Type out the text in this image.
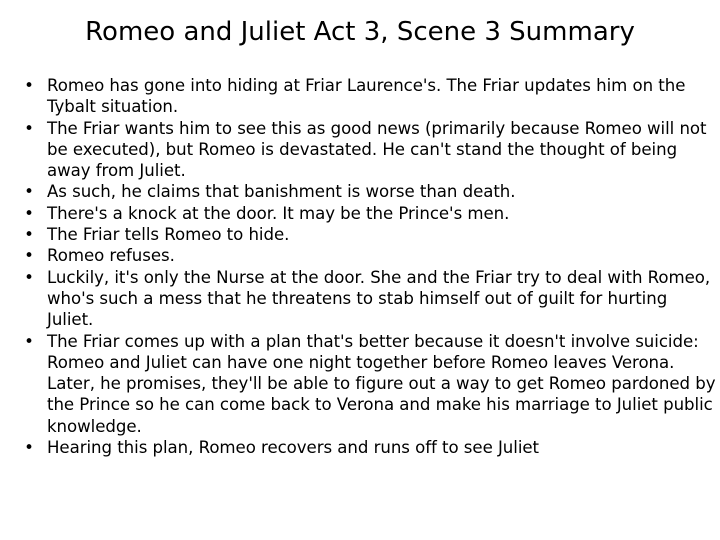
Romeo and Juliet Act 3, Scene 3 Summary
• Romeo has gone into hiding at Friar Laurence's. The Friar updates him on the Tybalt situation.
• The Friar wants him to see this as good news (primarily because Romeo will not be executed), but Romeo is devastated. He can't stand the thought of being away from Juliet.
• As such, he claims that banishment is worse than death.
• There's a knock at the door. It may be the Prince's men.
• The Friar tells Romeo to hide.
• Romeo refuses.
• Luckily, it's only the Nurse at the door. She and the Friar try to deal with Romeo, who's such a mess that he threatens to stab himself out of guilt for hurting Juliet.
• The Friar comes up with a plan that's better because it doesn't involve suicide: Romeo and Juliet can have one night together before Romeo leaves Verona. Later, he promises, they'll be able to figure out a way to get Romeo pardoned by the Prince so he can come back to Verona and make his marriage to Juliet public knowledge.
• Hearing this plan, Romeo recovers and runs off to see Juliet
